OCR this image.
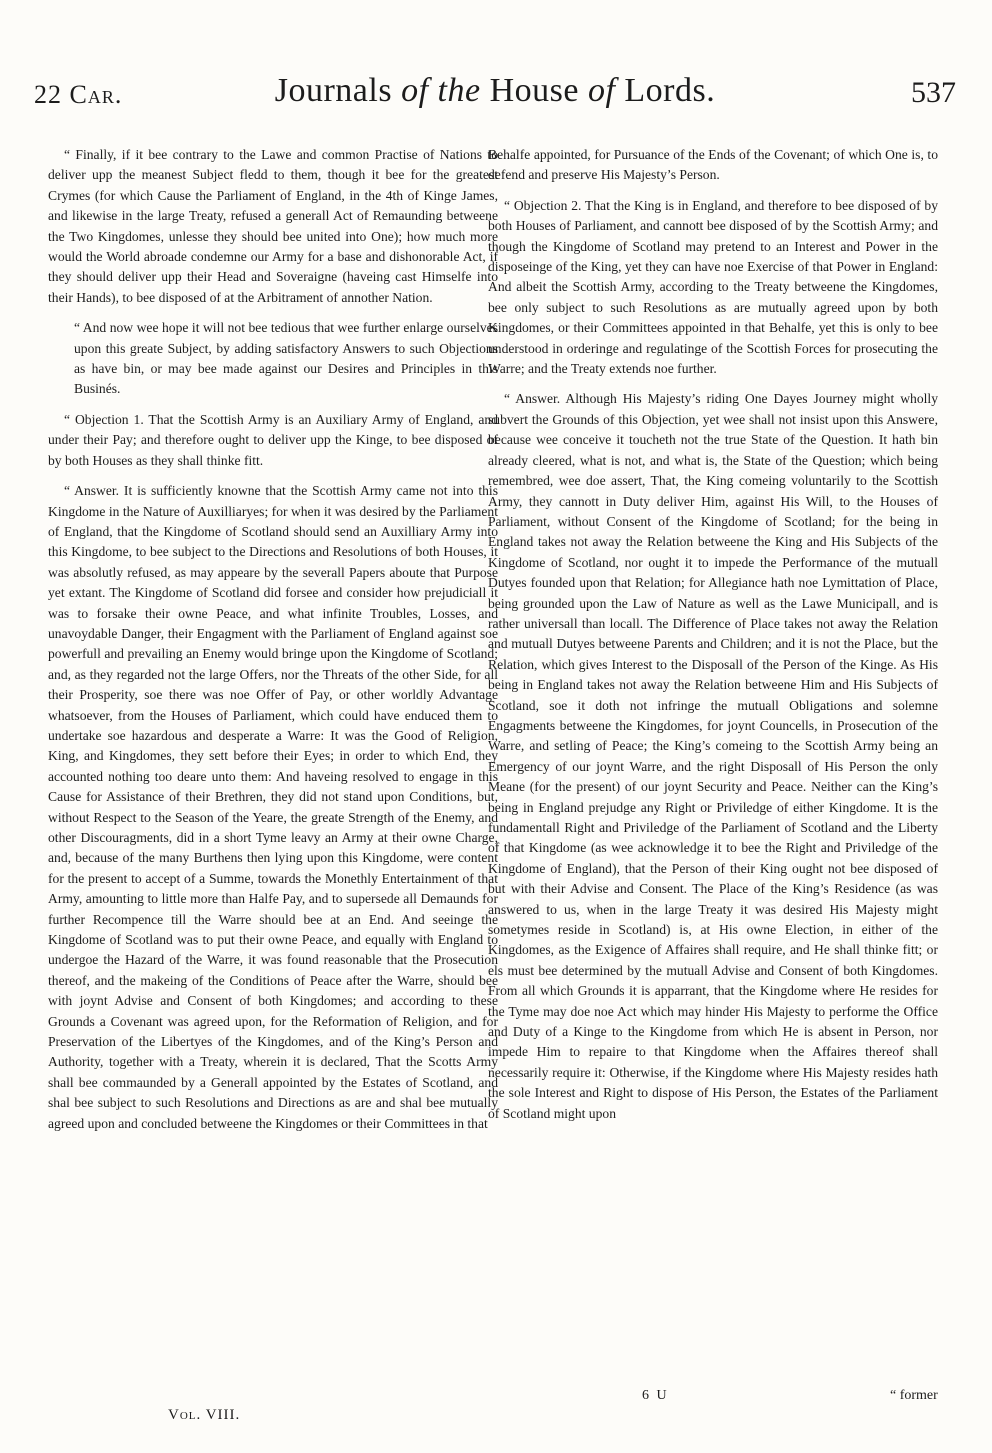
22 Car.	Journals of the House of Lords.	537

“ Finally, if it bee contrary to the Lawe and common Practise of Nations to deliver upp the meanest Subject fledd to them, though it bee for the greatest Crymes (for which Cause the Parliament of England, in the 4th of Kinge James, and likewise in the large Treaty, refused a generall Act of Remaunding betweene the Two Kingdomes, unlesse they should bee united into One); how much more would the World abroade condemne our Army for a base and dishonorable Act, if they should deliver upp their Head and Soveraigne (haveing cast Himselfe into their Hands), to bee disposed of at the Arbitrament of annother Nation.

“ And now wee hope it will not bee tedious that wee further enlarge ourselves upon this greate Subject, by adding satisfactory Answers to such Objections as have bin, or may bee made against our Desires and Principles in this Businés.

“ Objection 1. That the Scottish Army is an Auxiliary Army of England, and under their Pay; and therefore ought to deliver upp the Kinge, to bee disposed of by both Houses as they shall thinke fitt.

“ Answer. It is sufficiently knowne that the Scottish Army came not into this Kingdome in the Nature of Auxilliaryes; for when it was desired by the Parliament of England, that the Kingdome of Scotland should send an Auxilliary Army into this Kingdome, to bee subject to the Directions and Resolutions of both Houses, it was absolutly refused, as may appeare by the severall Papers aboute that Purpose yet extant. The Kingdome of Scotland did forsee and consider how prejudiciall it was to forsake their owne Peace, and what infinite Troubles, Losses, and unavoydable Danger, their Engagment with the Parliament of England against soe powerfull and prevailing an Enemy would bringe upon the Kingdome of Scotland; and, as they regarded not the large Offers, nor the Threats of the other Side, for all their Prosperity, soe there was noe Offer of Pay, or other worldly Advantage whatsoever, from the Houses of Parliament, which could have enduced them to undertake soe hazardous and desperate a Warre: It was the Good of Religion, King, and Kingdomes, they sett before their Eyes; in order to which End, they accounted nothing too deare unto them: And haveing resolved to engage in this Cause for Assistance of their Brethren, they did not stand upon Conditions, but, without Respect to the Season of the Yeare, the greate Strength of the Enemy, and other Discouragments, did in a short Tyme leavy an Army at their owne Charge, and, because of the many Burthens then lying upon this Kingdome, were content for the present to accept of a Summe, towards the Monethly Entertainment of that Army, amounting to little more than Halfe Pay, and to supersede all Demaunds for further Recompence till the Warre should bee at an End. And seeinge the Kingdome of Scotland was to put their owne Peace, and equally with England to undergoe the Hazard of the Warre, it was found reasonable that the Prosecution thereof, and the makeing of the Conditions of Peace after the Warre, should bee with joynt Advise and Consent of both Kingdomes; and according to these Grounds a Covenant was agreed upon, for the Reformation of Religion, and for Preservation of the Libertyes of the Kingdomes, and of the King’s Person and Authority, together with a Treaty, wherein it is declared, That the Scotts Army shall bee commaunded by a Generall appointed by the Estates of Scotland, and shal bee subject to such Resolutions and Directions as are and shal bee mutually agreed upon and concluded betweene the Kingdomes or their Committees in that

Behalfe appointed, for Pursuance of the Ends of the Covenant; of which One is, to defend and preserve His Majesty’s Person.

“ Objection 2. That the King is in England, and therefore to bee disposed of by both Houses of Parliament, and cannott bee disposed of by the Scottish Army; and though the Kingdome of Scotland may pretend to an Interest and Power in the disposeinge of the King, yet they can have noe Exercise of that Power in England: And albeit the Scottish Army, according to the Treaty betweene the Kingdomes, bee only subject to such Resolutions as are mutually agreed upon by both Kingdomes, or their Committees appointed in that Behalfe, yet this is only to bee understood in orderinge and regulatinge of the Scottish Forces for prosecuting the Warre; and the Treaty extends noe further.

“ Answer. Although His Majesty’s riding One Dayes Journey might wholly subvert the Grounds of this Objection, yet wee shall not insist upon this Answere, because wee conceive it toucheth not the true State of the Question. It hath bin already cleered, what is not, and what is, the State of the Question; which being remembred, wee doe assert, That, the King comeing voluntarily to the Scottish Army, they cannott in Duty deliver Him, against His Will, to the Houses of Parliament, without Consent of the Kingdome of Scotland; for the being in England takes not away the Relation betweene the King and His Subjects of the Kingdome of Scotland, nor ought it to impede the Performance of the mutuall Dutyes founded upon that Relation; for Allegiance hath noe Lymittation of Place, being grounded upon the Law of Nature as well as the Lawe Municipall, and is rather universall than locall. The Difference of Place takes not away the Relation and mutuall Dutyes betweene Parents and Children; and it is not the Place, but the Relation, which gives Interest to the Disposall of the Person of the Kinge. As His being in England takes not away the Relation betweene Him and His Subjects of Scotland, soe it doth not infringe the mutuall Obligations and solemne Engagments betweene the Kingdomes, for joynt Councells, in Prosecution of the Warre, and setling of Peace; the King’s comeing to the Scottish Army being an Emergency of our joynt Warre, and the right Disposall of His Person the only Meane (for the present) of our joynt Security and Peace. Neither can the King’s being in England prejudge any Right or Priviledge of either Kingdome. It is the fundamentall Right and Priviledge of the Parliament of Scotland and the Liberty of that Kingdome (as wee acknowledge it to bee the Right and Priviledge of the Kingdome of England), that the Person of their King ought not bee disposed of but with their Advise and Consent. The Place of the King’s Residence (as was answered to us, when in the large Treaty it was desired His Majesty might sometymes reside in Scotland) is, at His owne Election, in either of the Kingdomes, as the Exigence of Affaires shall require, and He shall thinke fitt; or els must bee determined by the mutuall Advise and Consent of both Kingdomes. From all which Grounds it is apparrant, that the Kingdome where He resides for the Tyme may doe noe Act which may hinder His Majesty to performe the Office and Duty of a Kinge to the Kingdome from which He is absent in Person, nor impede Him to repaire to that Kingdome when the Affaires thereof shall necessarily require it: Otherwise, if the Kingdome where His Majesty resides hath the sole Interest and Right to dispose of His Person, the Estates of the Parliament of Scotland might upon

Vol. VIII.
6 U	“ former
